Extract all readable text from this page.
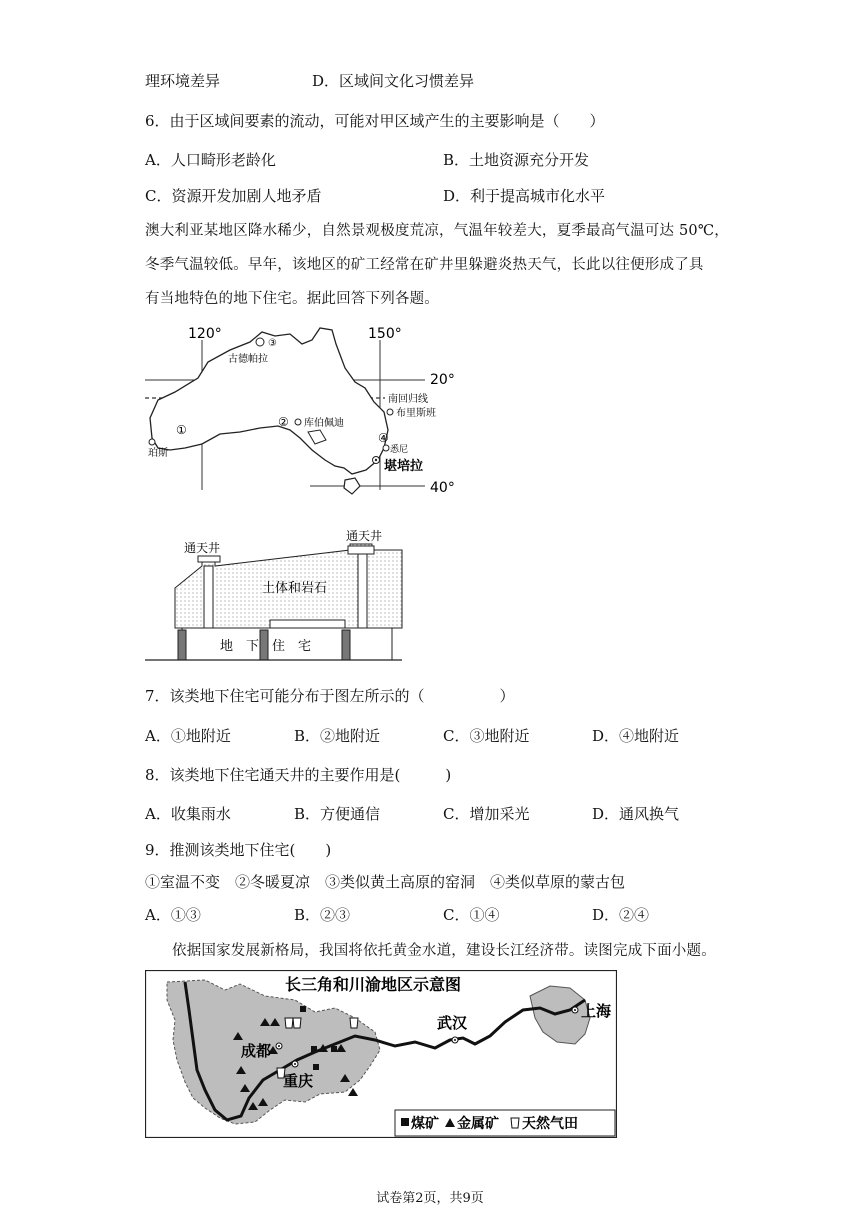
理环境差异	D．区域间文化习惯差异
6．由于区域间要素的流动，可能对甲区域产生的主要影响是（　　）
A．人口畸形老龄化	B．土地资源充分开发
C．资源开发加剧人地矛盾	D．利于提高城市化水平
澳大利亚某地区降水稀少，自然景观极度荒凉，气温年较差大，夏季最高气温可达 50℃，
冬季气温较低。早年，该地区的矿工经常在矿井里躲避炎热天气，长此以往便形成了具
有当地特色的地下住宅。据此回答下列各题。
120°	150°
20°
40°
南回归线
③
古德帕拉
② 库伯佩迪
①
珀斯
布里斯班
④
悉尼
堪培拉
通天井
通天井
土体和岩石
地　下　住　宅
7．该类地下住宅可能分布于图左所示的（　　　　　）
A．①地附近	B．②地附近	C．③地附近	D．④地附近
8．该类地下住宅通天井的主要作用是(　　　)
A．收集雨水	B．方便通信	C．增加采光	D．通风换气
9．推测该类地下住宅(　　)
①室温不变　②冬暖夏凉　③类似黄土高原的窑洞　④类似草原的蒙古包
A．①③	B．②③	C．①④	D．②④
依据国家发展新格局，我国将依托黄金水道，建设长江经济带。读图完成下面小题。
长三角和川渝地区示意图
成都
重庆
武汉
上海
煤矿 金属矿 天然气田
试卷第2页，共9页
